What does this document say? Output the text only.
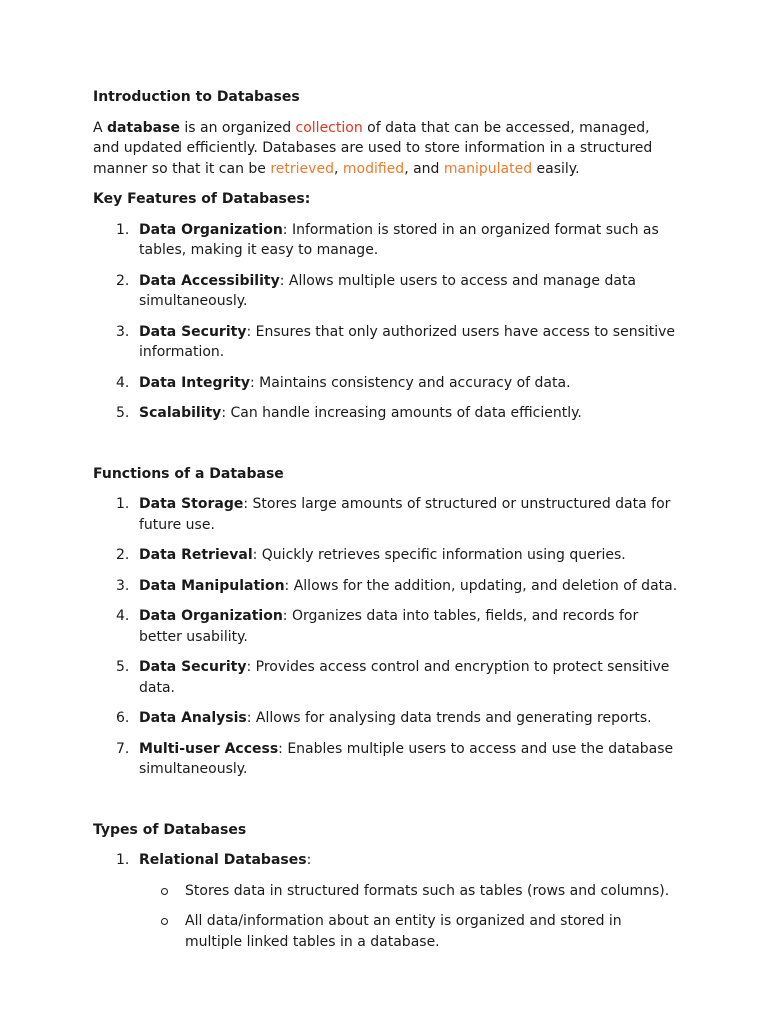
Introduction to Databases
A database is an organized collection of data that can be accessed, managed, and updated efficiently. Databases are used to store information in a structured manner so that it can be retrieved, modified, and manipulated easily.
Key Features of Databases:
1. Data Organization: Information is stored in an organized format such as tables, making it easy to manage.
2. Data Accessibility: Allows multiple users to access and manage data simultaneously.
3. Data Security: Ensures that only authorized users have access to sensitive information.
4. Data Integrity: Maintains consistency and accuracy of data.
5. Scalability: Can handle increasing amounts of data efficiently.
Functions of a Database
1. Data Storage: Stores large amounts of structured or unstructured data for future use.
2. Data Retrieval: Quickly retrieves specific information using queries.
3. Data Manipulation: Allows for the addition, updating, and deletion of data.
4. Data Organization: Organizes data into tables, fields, and records for better usability.
5. Data Security: Provides access control and encryption to protect sensitive data.
6. Data Analysis: Allows for analysing data trends and generating reports.
7. Multi-user Access: Enables multiple users to access and use the database simultaneously.
Types of Databases
1. Relational Databases:
Stores data in structured formats such as tables (rows and columns).
All data/information about an entity is organized and stored in multiple linked tables in a database.
